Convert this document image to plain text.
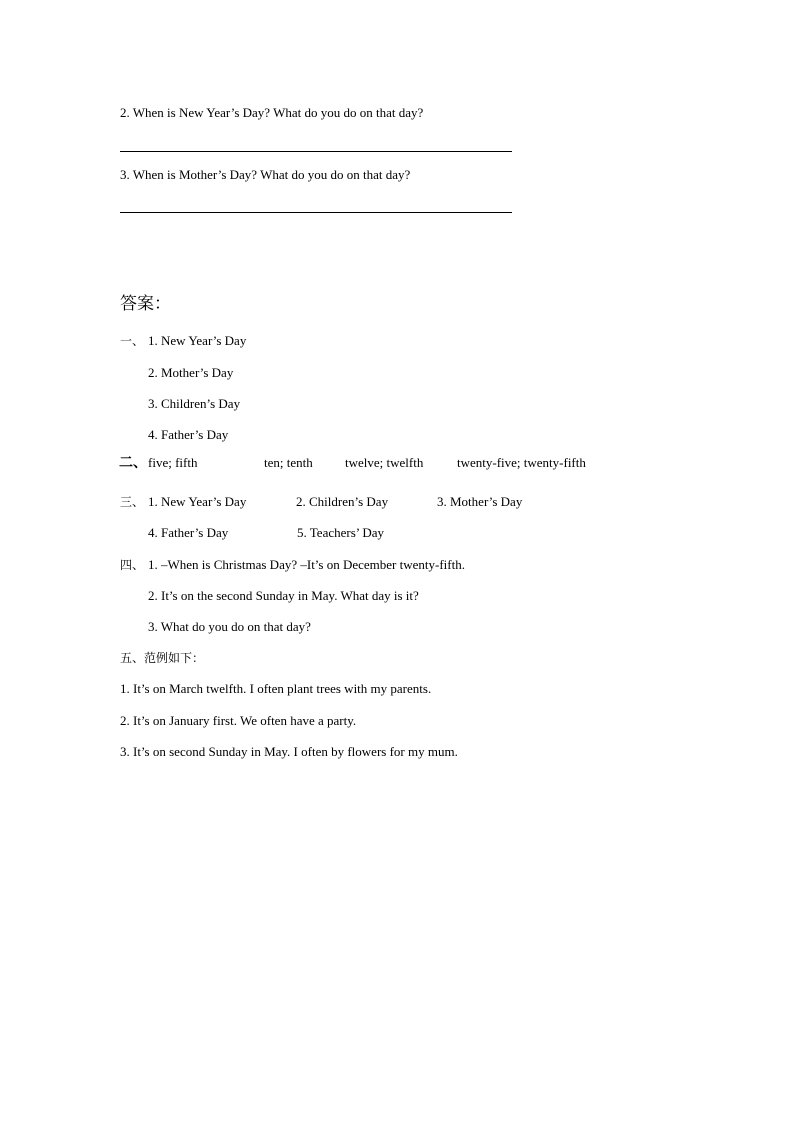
2. When is New Year’s Day? What do you do on that day?
3. When is Mother’s Day? What do you do on that day?
答案：
一、 1. New Year’s Day
2. Mother’s Day
3. Children’s Day
4. Father’s Day
二、 five; fifth	ten; tenth twelve; twelfth	twenty-five; twenty-fifth
三、 1. New Year’s Day	2. Children’s Day	3. Mother’s Day
4. Father’s Day	5. Teachers’ Day
四、 1. –When is Christmas Day? –It’s on December twenty-fifth.
2. It’s on the second Sunday in May. What day is it?
3. What do you do on that day?
五、范例如下：
1. It’s on March twelfth. I often plant trees with my parents.
2. It’s on January first. We often have a party.
3. It’s on second Sunday in May. I often by flowers for my mum.
